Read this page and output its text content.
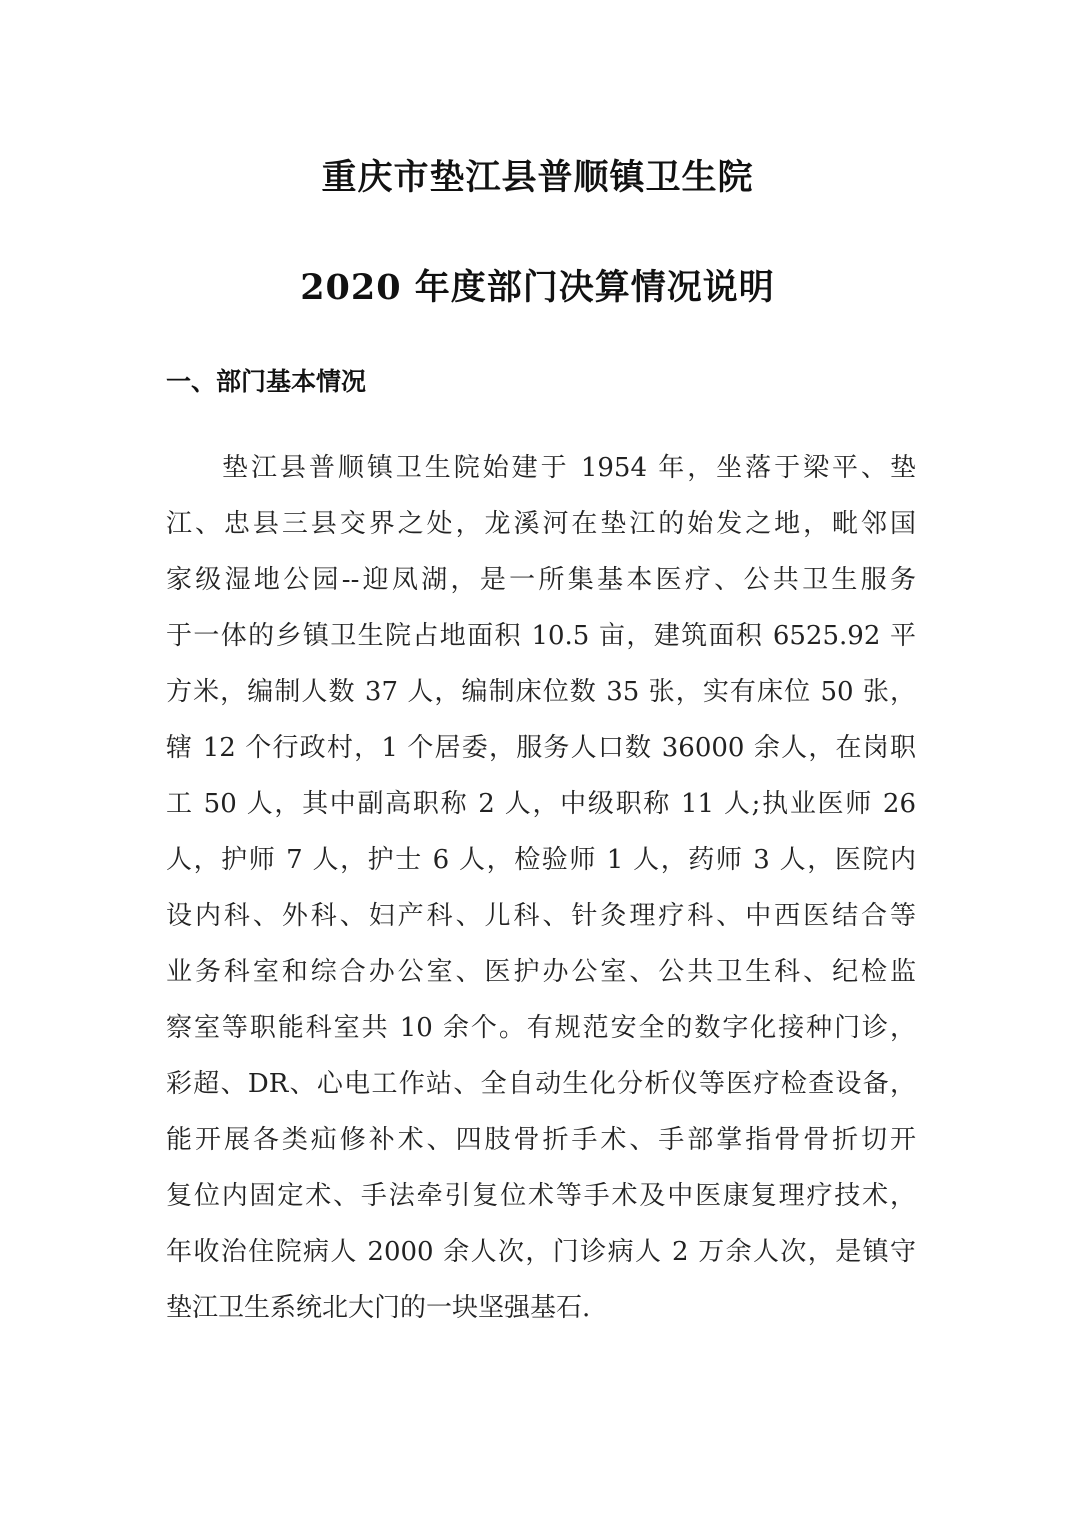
重庆市垫江县普顺镇卫生院
2020 年度部门决算情况说明
一、部门基本情况
垫江县普顺镇卫生院始建于 1954 年，坐落于梁平、垫
江、忠县三县交界之处，龙溪河在垫江的始发之地，毗邻国
家级湿地公园--迎凤湖，是一所集基本医疗、公共卫生服务
于一体的乡镇卫生院占地面积 10.5 亩，建筑面积 6525.92 平
方米，编制人数 37 人，编制床位数 35 张，实有床位 50 张，
辖 12 个行政村，1 个居委，服务人口数 36000 余人，在岗职
工 50 人，其中副高职称 2 人，中级职称 11 人;执业医师 26
人，护师 7 人，护士 6 人，检验师 1 人，药师 3 人，医院内
设内科、外科、妇产科、儿科、针灸理疗科、中西医结合等
业务科室和综合办公室、医护办公室、公共卫生科、纪检监
察室等职能科室共 10 余个。有规范安全的数字化接种门诊，
彩超、DR、心电工作站、全自动生化分析仪等医疗检查设备，
能开展各类疝修补术、四肢骨折手术、手部掌指骨骨折切开
复位内固定术、手法牵引复位术等手术及中医康复理疗技术，
年收治住院病人 2000 余人次，门诊病人 2 万余人次，是镇守
垫江卫生系统北大门的一块坚强基石.
